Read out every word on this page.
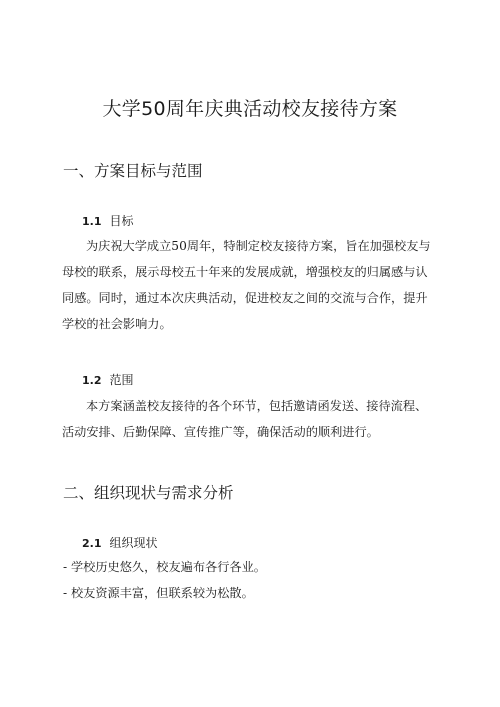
大学50周年庆典活动校友接待方案
一、方案目标与范围
1.1 目标
为庆祝大学成立50周年，特制定校友接待方案，旨在加强校友与
母校的联系，展示母校五十年来的发展成就，增强校友的归属感与认
同感。同时，通过本次庆典活动，促进校友之间的交流与合作，提升
学校的社会影响力。
1.2 范围
本方案涵盖校友接待的各个环节，包括邀请函发送、接待流程、
活动安排、后勤保障、宣传推广等，确保活动的顺利进行。
二、组织现状与需求分析
2.1 组织现状
- 学校历史悠久，校友遍布各行各业。
- 校友资源丰富，但联系较为松散。
